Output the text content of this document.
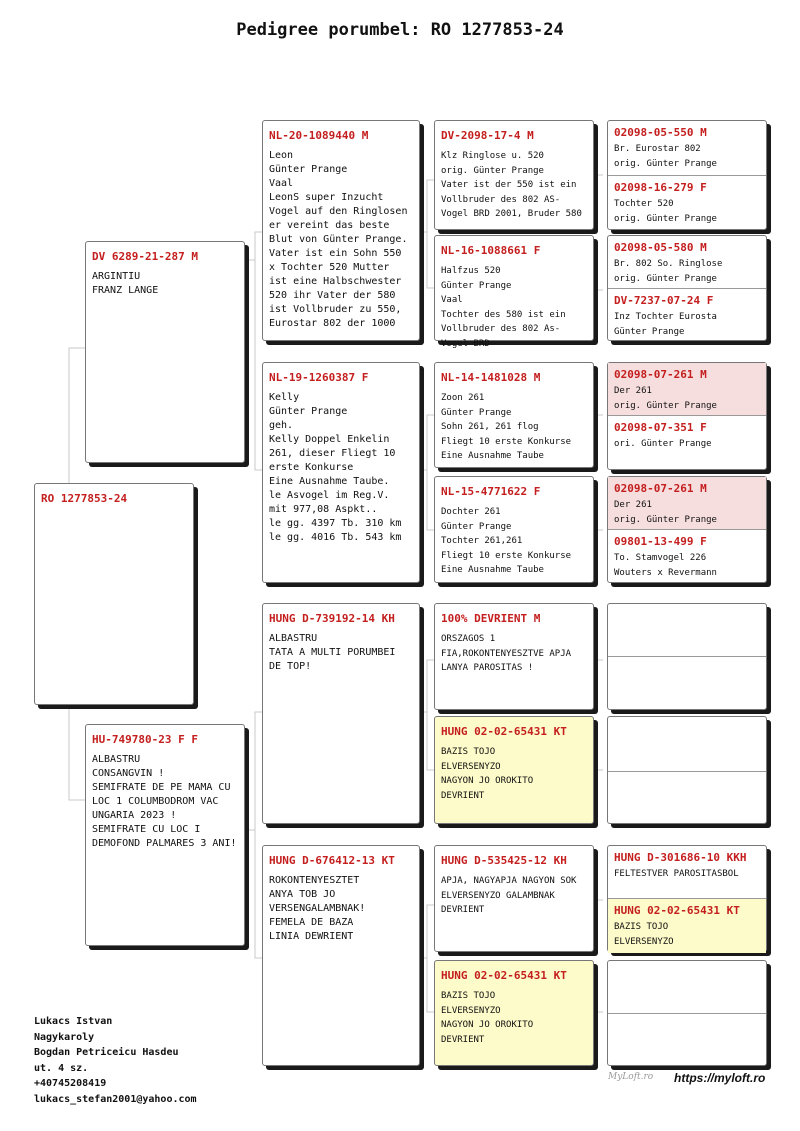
Pedigree porumbel: RO 1277853-24
RO 1277853-24
DV 6289-21-287 M
ARGINTIU
FRANZ LANGE
HU-749780-23 F F
ALBASTRU
CONSANGVIN !
SEMIFRATE DE PE MAMA CU LOC 1 COLUMBODROM VAC UNGARIA 2023 !
SEMIFRATE CU LOC I DEMOFOND PALMARES 3 ANI!
NL-20-1089440 M
Leon
Günter Prange
Vaal
LeonS super Inzucht Vogel auf den Ringlosen er vereint das beste Blut von Günter Prange. Vater ist ein Sohn 550 x Tochter 520 Mutter ist eine Halbschwester 520 ihr Vater der 580 ist Vollbruder zu 550, Eurostar 802 der 1000
NL-19-1260387 F
Kelly
Günter Prange
geh.
Kelly Doppel Enkelin 261, dieser Fliegt 10 erste Konkurse
Eine Ausnahme Taube.
le Asvogel im Reg.V. mit 977,08 Aspkt..
le gg. 4397 Tb. 310 km
le gg. 4016 Tb. 543 km
HUNG D-739192-14 KH
ALBASTRU
TATA A MULTI PORUMBEI DE TOP!
HUNG D-676412-13 KT
ROKONTENYESZTET
ANYA TOB JO VERSENGALAMBNAK!
FEMELA DE BAZA
LINIA DEWRIENT
DV-2098-17-4 M
Klz Ringlose u. 520
orig. Günter Prange
Vater ist der 550 ist ein Vollbruder des 802 AS-Vogel BRD 2001, Bruder 580
NL-16-1088661 F
Halfzus 520
Günter Prange
Vaal
Tochter des 580 ist ein Vollbruder des 802 As-Vogel BRD
NL-14-1481028 M
Zoon 261
Günter Prange
Sohn 261, 261 flog
Fliegt 10 erste Konkurse
Eine Ausnahme Taube
NL-15-4771622 F
Dochter 261
Günter Prange
Tochter 261,261
Fliegt 10 erste Konkurse
Eine Ausnahme Taube
100% DEVRIENT M
ORSZAGOS 1 FIA,ROKONTENYESZTVE APJA LANYA PAROSITAS !
HUNG 02-02-65431 KT
BAZIS TOJO
ELVERSENYZO
NAGYON JO OROKITO
DEVRIENT
HUNG D-535425-12 KH
APJA, NAGYAPJA NAGYON SOK ELVERSENYZO GALAMBNAK DEVRIENT
HUNG 02-02-65431 KT
BAZIS TOJO
ELVERSENYZO
NAGYON JO OROKITO
DEVRIENT
02098-05-550 M
Br. Eurostar 802
orig. Günter Prange
02098-16-279 F
Tochter 520
orig. Günter Prange
02098-05-580 M
Br. 802 So. Ringlose
orig. Günter Prange
DV-7237-07-24 F
Inz Tochter Eurosta
Günter Prange
02098-07-261 M
Der 261
orig. Günter Prange
02098-07-351 F
ori. Günter Prange
02098-07-261 M
Der 261
orig. Günter Prange
09801-13-499 F
To. Stamvogel 226
Wouters x Revermann
HUNG D-301686-10 KKH
FELTESTVER PAROSITASBOL
HUNG 02-02-65431 KT
BAZIS TOJO
ELVERSENYZO
Lukacs Istvan
Nagykaroly
Bogdan Petriceicu Hasdeu
ut. 4 sz.
+40745208419
lukacs_stefan2001@yahoo.com
MyLoft.ro https://myloft.ro
